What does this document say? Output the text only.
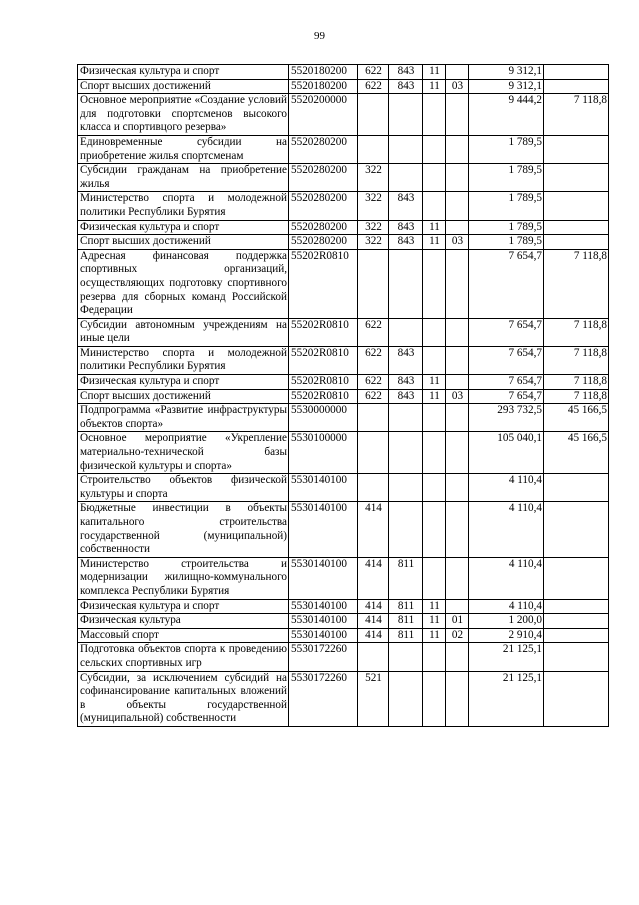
99
Физическая культура и спорт	5520180200	622	843	11		9 312,1	
Спорт высших достижений	5520180200	622	843	11	03	9 312,1	
Основное мероприятие «Создание условий для подготовки спортсменов высокого класса и спортивцого резерва»	5520200000					9 444,2	7 118,8
Единовременные субсидии на приобретение жилья спортсменам	5520280200					1 789,5	
Субсидии гражданам на приобретение жилья	5520280200	322				1 789,5	
Министерство спорта и молодежной политики Республики Бурятия	5520280200	322	843			1 789,5	
Физическая культура и спорт	5520280200	322	843	11		1 789,5	
Спорт высших достижений	5520280200	322	843	11	03	1 789,5	
Адресная финансовая поддержка спортивных организаций, осуществляющих подготовку спортивного резерва для сборных команд Российской Федерации	55202R0810					7 654,7	7 118,8
Субсидии автономным учреждениям на иные цели	55202R0810	622				7 654,7	7 118,8
Министерство спорта и молодежной политики Республики Бурятия	55202R0810	622	843			7 654,7	7 118,8
Физическая культура и спорт	55202R0810	622	843	11		7 654,7	7 118,8
Спорт высших достижений	55202R0810	622	843	11	03	7 654,7	7 118,8
Подпрограмма «Развитие инфраструктуры объектов спорта»	5530000000					293 732,5	45 166,5
Основное мероприятие «Укрепление материально-технической базы физической культуры и спорта»	5530100000					105 040,1	45 166,5
Строительство объектов физической культуры и спорта	5530140100					4 110,4	
Бюджетные инвестиции в объекты капитального строительства государственной (муниципальной) собственности	5530140100	414				4 110,4	
Министерство строительства и модернизации жилищно-коммунального комплекса Республики Бурятия	5530140100	414	811			4 110,4	
Физическая культура и спорт	5530140100	414	811	11		4 110,4	
Физическая культура	5530140100	414	811	11	01	1 200,0	
Массовый спорт	5530140100	414	811	11	02	2 910,4	
Подготовка объектов спорта к проведению сельских спортивных игр	5530172260					21 125,1	
Субсидии, за исключением субсидий на софинансирование капитальных вложений в объекты государственной (муниципальной) собственности	5530172260	521				21 125,1	
